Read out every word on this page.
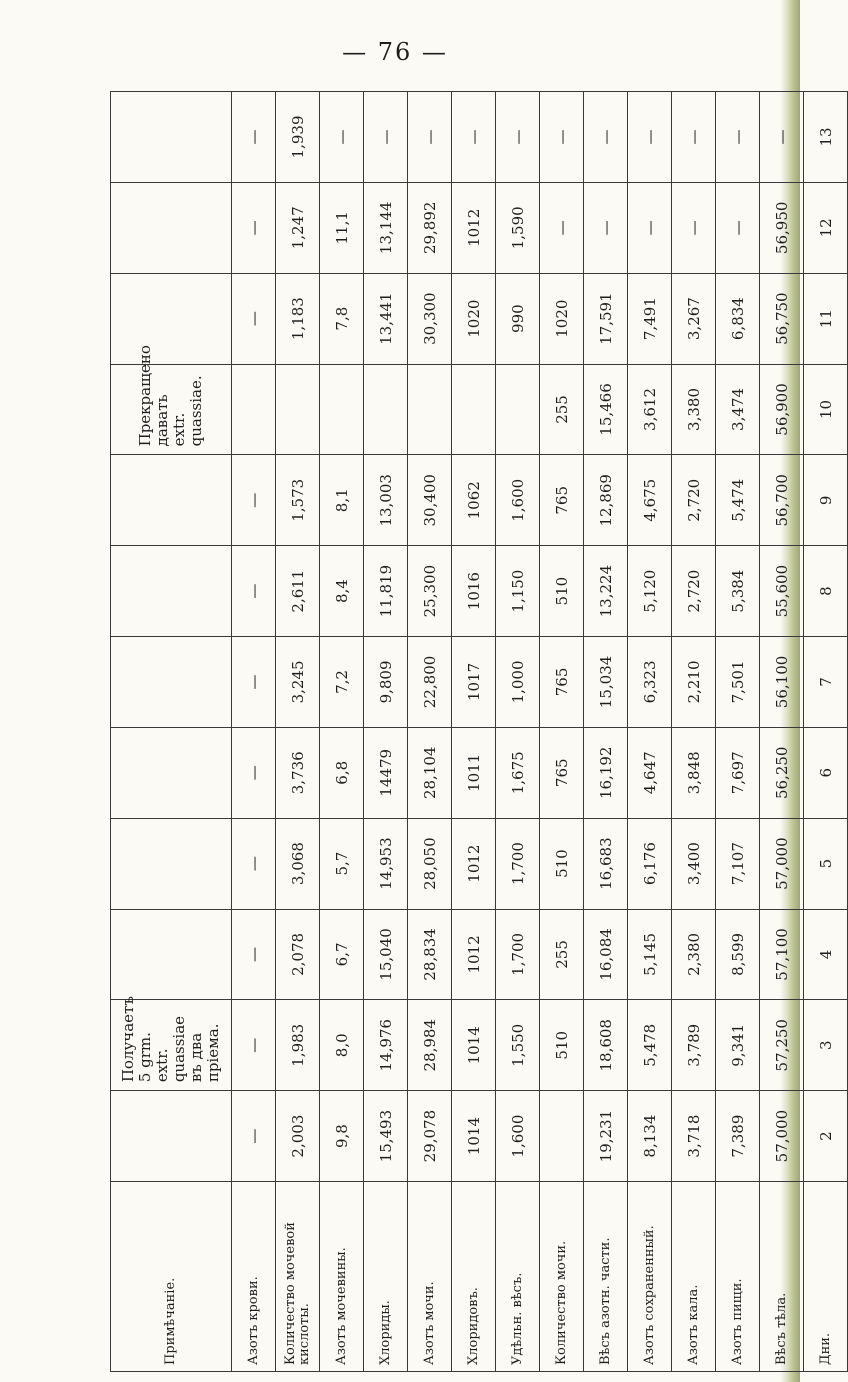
— 76 —
Примѣчаніе.		Получаетъ 5 grm. extr. quassiae въ два пріема.							Прекращено давать extr. quassiae.			
Азотъ крови.	—	—	—	—	—	—	—	—		—	—	—
Количество мочевой кислоты.	2,003	1,983	2,078	3,068	3,736	3,245	2,611	1,573		1,183	1,247	1,939
Азотъ мочевины.	9,8	8,0	6,7	5,7	6,8	7,2	8,4	8,1		7,8	11,1	—
Хлориды.	15,493	14,976	15,040	14,953	14479	9,809	11,819	13,003		13,441	13,144	—
Азотъ мочи.	29,078	28,984	28,834	28,050	28,104	22,800	25,300	30,400		30,300	29,892	—
Хлоридовъ.	1014	1014	1012	1012	1011	1017	1016	1062		1020	1012	—
Удѣльн. вѣсъ.	1,600	1,550	1,700	1,700	1,675	1,000	1,150	1,600		990	1,590	—
Количество мочи.		510	255	510	765	765	510	765	255	1020	—	—
Вѣсъ азотн. части.	19,231	18,608	16,084	16,683	16,192	15,034	13,224	12,869	15,466	17,591	—	—
Азотъ сохраненный.	8,134	5,478	5,145	6,176	4,647	6,323	5,120	4,675	3,612	7,491	—	—
Азотъ кала.	3,718	3,789	2,380	3,400	3,848	2,210	2,720	2,720	3,380	3,267	—	—
Азотъ пищи.	7,389	9,341	8,599	7,107	7,697	7,501	5,384	5,474	3,474	6,834	—	—
Вѣсъ тѣла.	57,000	57,250	57,100	57,000	56,250	56,100	55,600	56,700	56,900	56,750	56,950	—
Дни.	2	3	4	5	6	7	8	9	10	11	12	13
